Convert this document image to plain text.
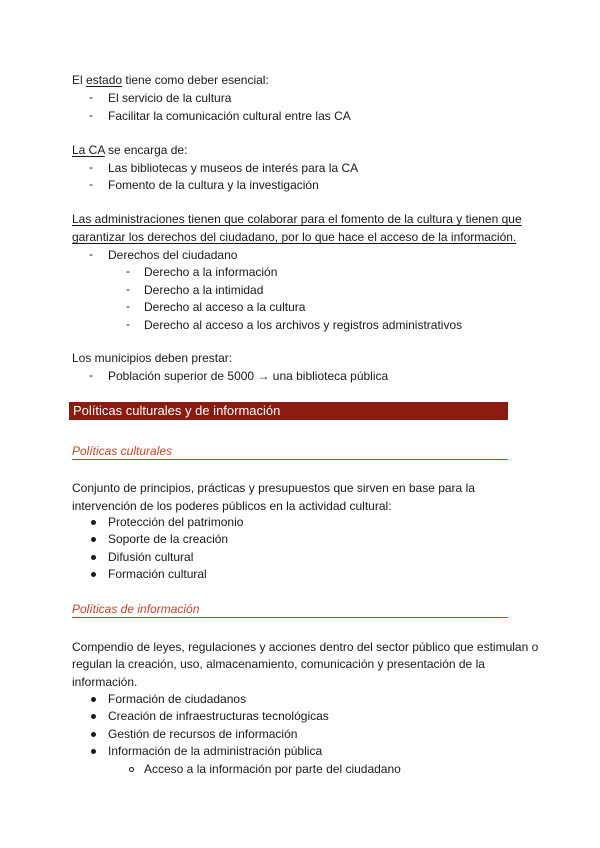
El estado tiene como deber esencial:
- El servicio de la cultura
- Facilitar la comunicación cultural entre las CA
La CA se encarga de:
- Las bibliotecas y museos de interés para la CA
- Fomento de la cultura y la investigación
Las administraciones tienen que colaborar para el fomento de la cultura y tienen que
garantizar los derechos del ciudadano, por lo que hace el acceso de la información.
- Derechos del ciudadano
- Derecho a la información
- Derecho a la intimidad
- Derecho al acceso a la cultura
- Derecho al acceso a los archivos y registros administrativos
Los municipios deben prestar:
- Población superior de 5000 → una biblioteca pública
Políticas culturales y de información
Políticas culturales
Conjunto de principios, prácticas y presupuestos que sirven en base para la
intervención de los poderes públicos en la actividad cultural:
Protección del patrimonio
Soporte de la creación
Difusión cultural
Formación cultural
Políticas de información
Compendio de leyes, regulaciones y acciones dentro del sector público que estimulan o
regulan la creación, uso, almacenamiento, comunicación y presentación de la
información.
Formación de ciudadanos
Creación de infraestructuras tecnológicas
Gestión de recursos de información
Información de la administración pública
Acceso a la información por parte del ciudadano
